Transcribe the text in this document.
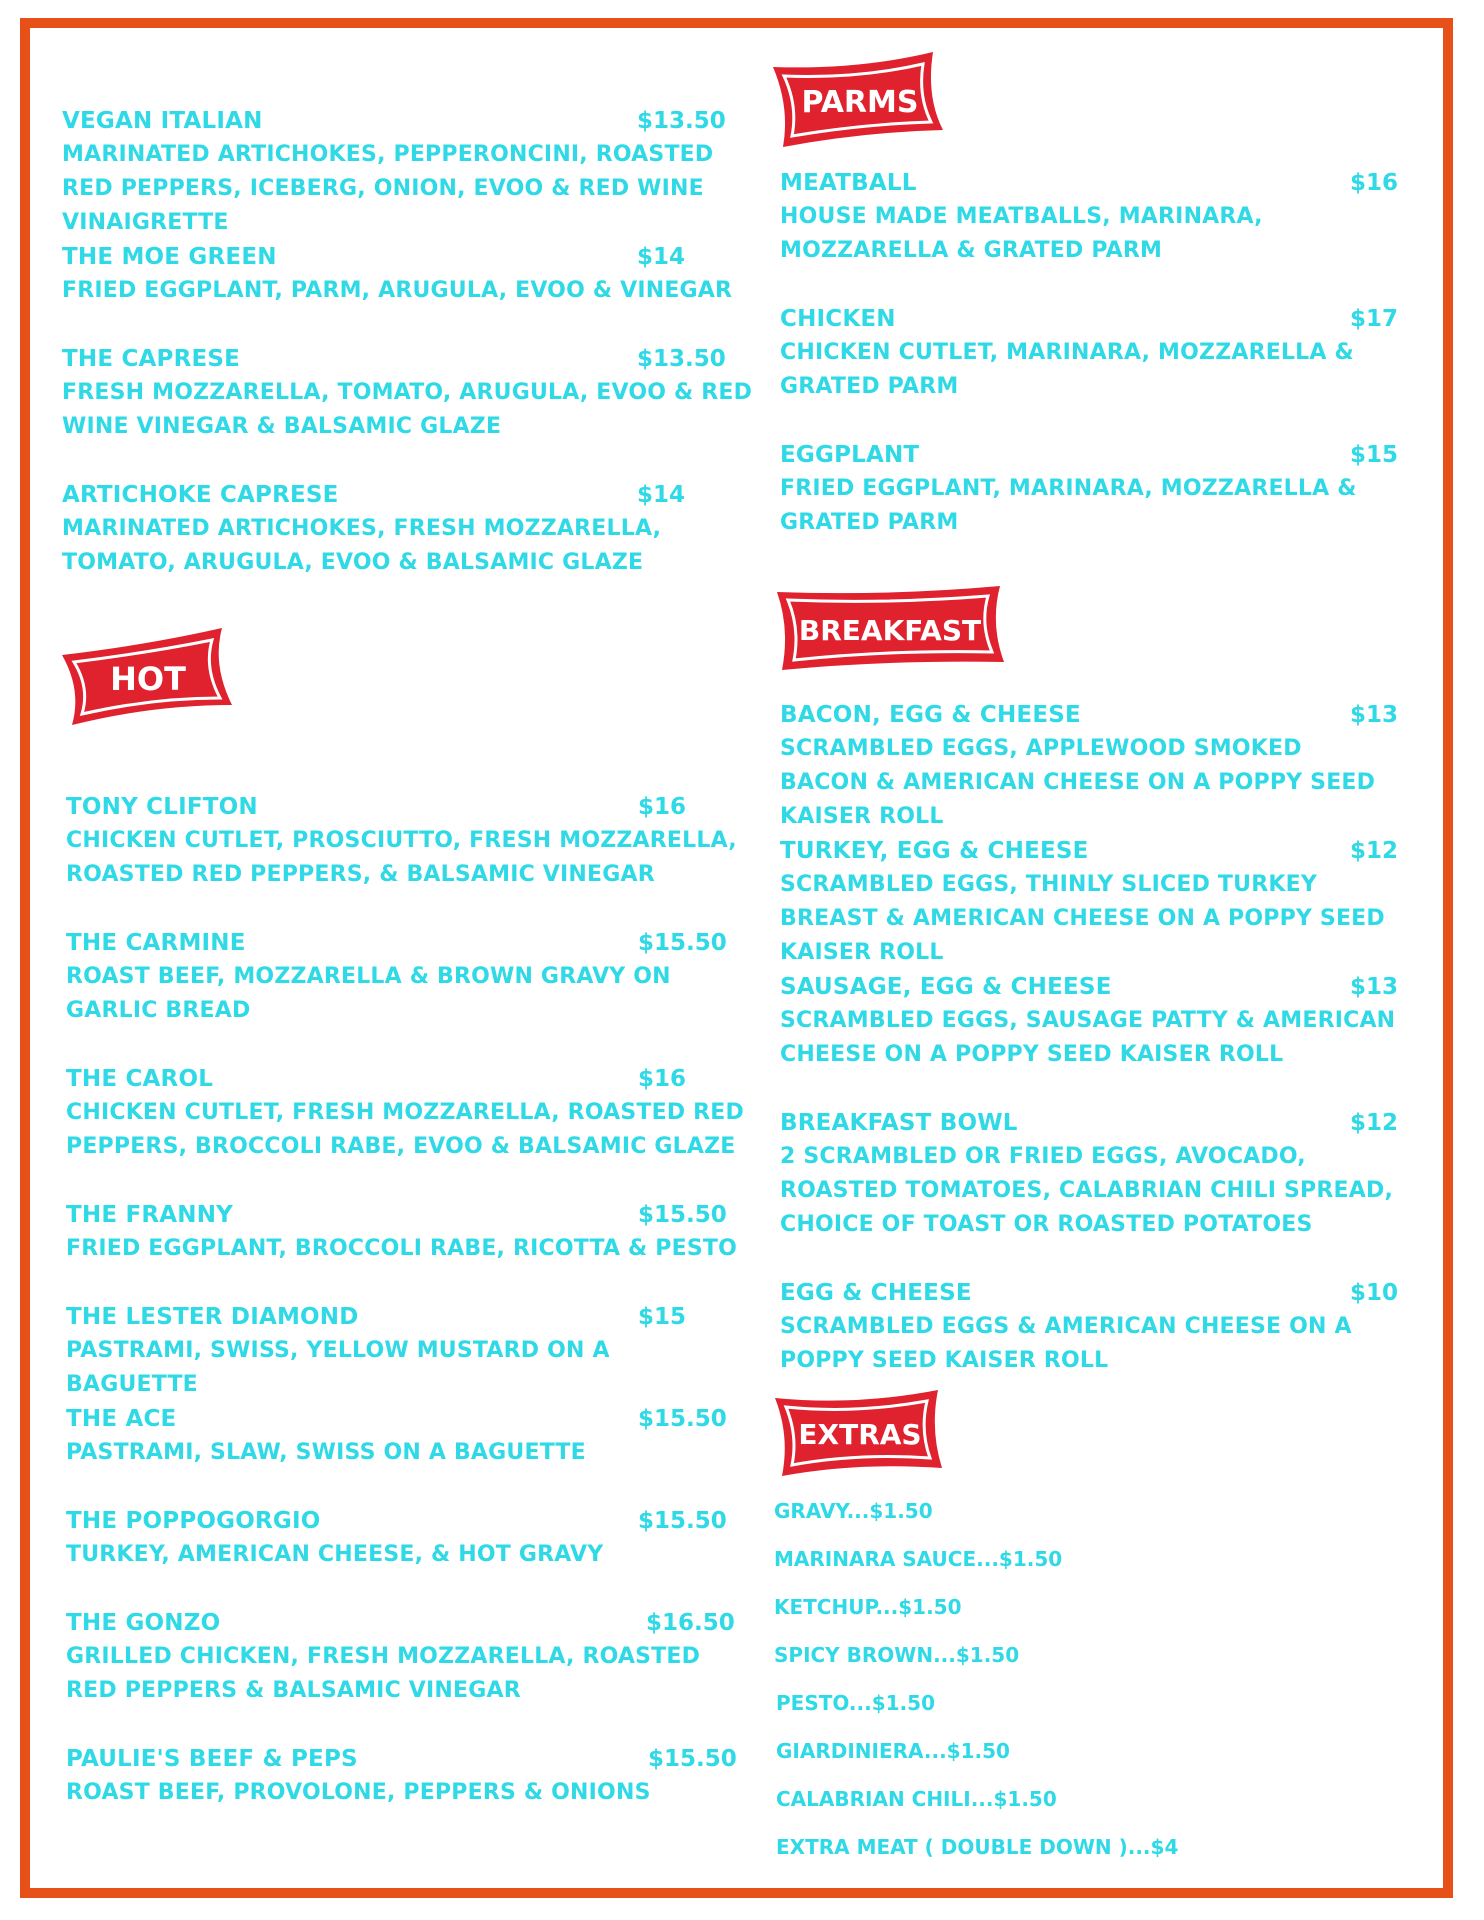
VEGAN ITALIAN	$13.50
MARINATED ARTICHOKES, PEPPERONCINI, ROASTED RED PEPPERS, ICEBERG, ONION, EVOO & RED WINE VINAIGRETTE
THE MOE GREEN	$14
FRIED EGGPLANT, PARM, ARUGULA, EVOO & VINEGAR
THE CAPRESE	$13.50
FRESH MOZZARELLA, TOMATO, ARUGULA, EVOO & RED WINE VINEGAR & BALSAMIC GLAZE
ARTICHOKE CAPRESE	$14
MARINATED ARTICHOKES, FRESH MOZZARELLA, TOMATO, ARUGULA, EVOO & BALSAMIC GLAZE
HOT
TONY CLIFTON	$16
CHICKEN CUTLET, PROSCIUTTO, FRESH MOZZARELLA, ROASTED RED PEPPERS, & BALSAMIC VINEGAR
THE CARMINE	$15.50
ROAST BEEF, MOZZARELLA & BROWN GRAVY ON GARLIC BREAD
THE CAROL	$16
CHICKEN CUTLET, FRESH MOZZARELLA, ROASTED RED PEPPERS, BROCCOLI RABE, EVOO & BALSAMIC GLAZE
THE FRANNY	$15.50
FRIED EGGPLANT, BROCCOLI RABE, RICOTTA & PESTO
THE LESTER DIAMOND	$15
PASTRAMI, SWISS, YELLOW MUSTARD ON A BAGUETTE
THE ACE	$15.50
PASTRAMI, SLAW, SWISS ON A BAGUETTE
THE POPPOGORGIO	$15.50
TURKEY, AMERICAN CHEESE, & HOT GRAVY
THE GONZO	$16.50
GRILLED CHICKEN, FRESH MOZZARELLA, ROASTED RED PEPPERS & BALSAMIC VINEGAR
PAULIE'S BEEF & PEPS	$15.50
ROAST BEEF, PROVOLONE, PEPPERS & ONIONS
PARMS
MEATBALL	$16
HOUSE MADE MEATBALLS, MARINARA, MOZZARELLA & GRATED PARM
CHICKEN	$17
CHICKEN CUTLET, MARINARA, MOZZARELLA & GRATED PARM
EGGPLANT	$15
FRIED EGGPLANT, MARINARA, MOZZARELLA & GRATED PARM
BREAKFAST
BACON, EGG & CHEESE	$13
SCRAMBLED EGGS, APPLEWOOD SMOKED BACON & AMERICAN CHEESE ON A POPPY SEED KAISER ROLL
TURKEY, EGG & CHEESE	$12
SCRAMBLED EGGS, THINLY SLICED TURKEY BREAST & AMERICAN CHEESE ON A POPPY SEED KAISER ROLL
SAUSAGE, EGG & CHEESE	$13
SCRAMBLED EGGS, SAUSAGE PATTY & AMERICAN CHEESE ON A POPPY SEED KAISER ROLL
BREAKFAST BOWL	$12
2 SCRAMBLED OR FRIED EGGS, AVOCADO, ROASTED TOMATOES, CALABRIAN CHILI SPREAD, CHOICE OF TOAST OR ROASTED POTATOES
EGG & CHEESE	$10
SCRAMBLED EGGS & AMERICAN CHEESE ON A POPPY SEED KAISER ROLL
EXTRAS
GRAVY...$1.50
MARINARA SAUCE...$1.50
KETCHUP...$1.50
SPICY BROWN...$1.50
PESTO...$1.50
GIARDINIERA...$1.50
CALABRIAN CHILI...$1.50
EXTRA MEAT ( DOUBLE DOWN )...$4
